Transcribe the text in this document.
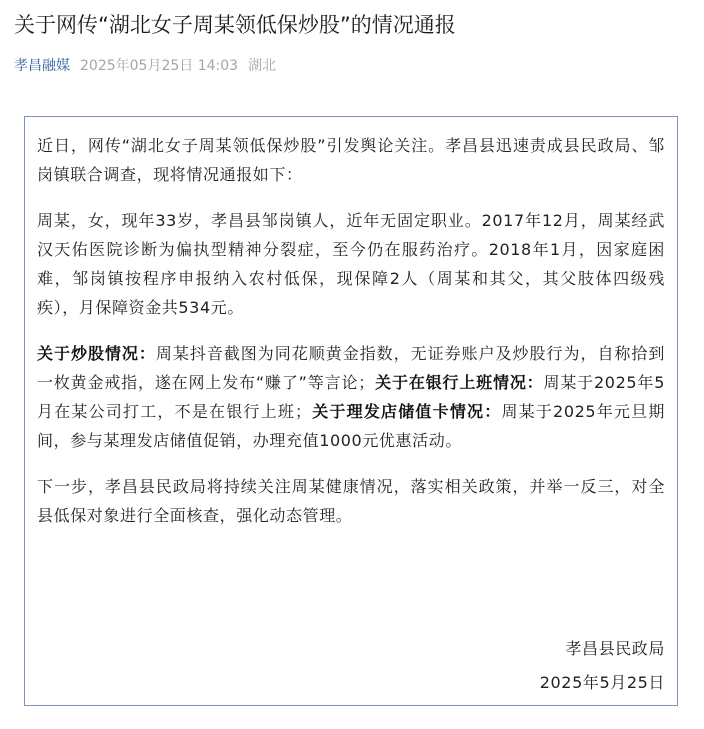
关于网传“湖北女子周某领低保炒股”的情况通报
孝昌融媒 2025年05月25日 14:03 湖北

近日，网传“湖北女子周某领低保炒股”引发舆论关注。孝昌县迅速责成县民政局、邹岗镇联合调查，现将情况通报如下：

周某，女，现年33岁，孝昌县邹岗镇人，近年无固定职业。2017年12月，周某经武汉天佑医院诊断为偏执型精神分裂症，至今仍在服药治疗。2018年1月，因家庭困难，邹岗镇按程序申报纳入农村低保，现保障2人（周某和其父，其父肢体四级残疾），月保障资金共534元。

关于炒股情况：周某抖音截图为同花顺黄金指数，无证券账户及炒股行为，自称拾到一枚黄金戒指，遂在网上发布“赚了”等言论；关于在银行上班情况：周某于2025年5月在某公司打工，不是在银行上班；关于理发店储值卡情况：周某于2025年元旦期间，参与某理发店储值促销，办理充值1000元优惠活动。

下一步，孝昌县民政局将持续关注周某健康情况，落实相关政策，并举一反三，对全县低保对象进行全面核查，强化动态管理。

孝昌县民政局
2025年5月25日
